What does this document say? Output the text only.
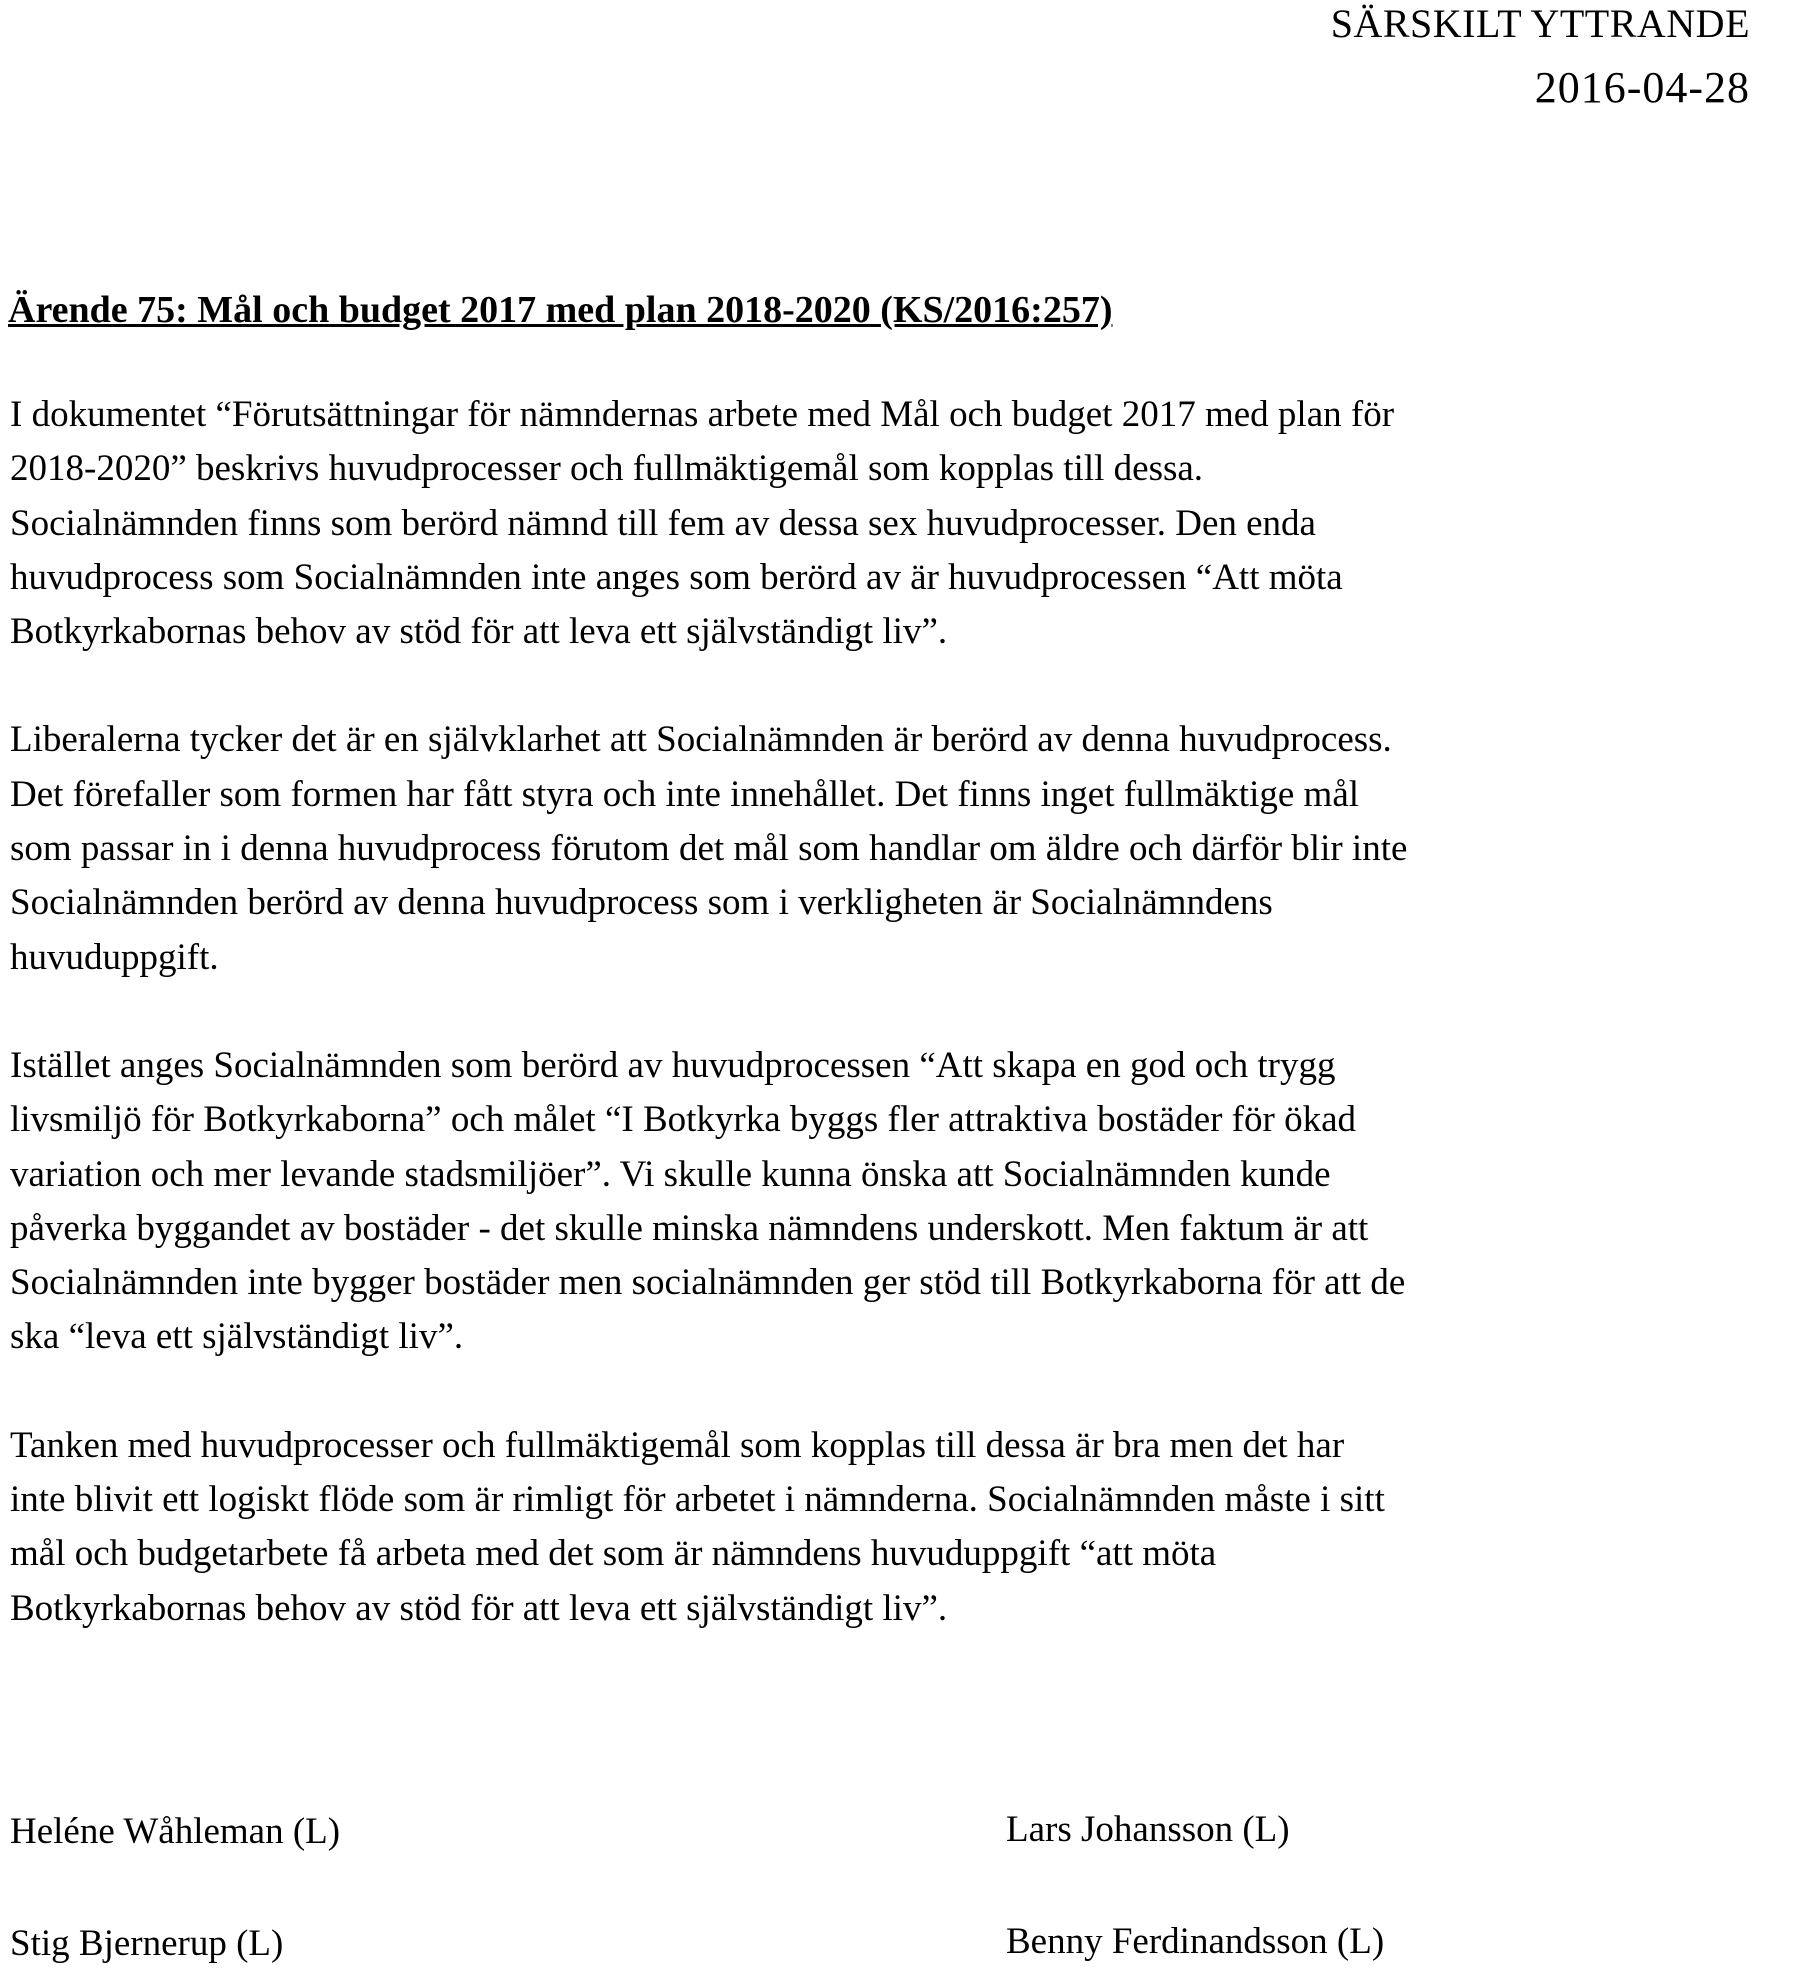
SÄRSKILT YTTRANDE
2016-04-28
Ärende 75: Mål och budget 2017 med plan 2018-2020 (KS/2016:257)

I dokumentet “Förutsättningar för nämndernas arbete med Mål och budget 2017 med plan för
2018-2020” beskrivs huvudprocesser och fullmäktigemål som kopplas till dessa.
Socialnämnden finns som berörd nämnd till fem av dessa sex huvudprocesser. Den enda
huvudprocess som Socialnämnden inte anges som berörd av är huvudprocessen “Att möta
Botkyrkabornas behov av stöd för att leva ett självständigt liv”.

Liberalerna tycker det är en självklarhet att Socialnämnden är berörd av denna huvudprocess.
Det förefaller som formen har fått styra och inte innehållet. Det finns inget fullmäktige mål
som passar in i denna huvudprocess förutom det mål som handlar om äldre och därför blir inte
Socialnämnden berörd av denna huvudprocess som i verkligheten är Socialnämndens
huvuduppgift.

Istället anges Socialnämnden som berörd av huvudprocessen “Att skapa en god och trygg
livsmiljö för Botkyrkaborna” och målet “I Botkyrka byggs fler attraktiva bostäder för ökad
variation och mer levande stadsmiljöer”. Vi skulle kunna önska att Socialnämnden kunde
påverka byggandet av bostäder - det skulle minska nämndens underskott. Men faktum är att
Socialnämnden inte bygger bostäder men socialnämnden ger stöd till Botkyrkaborna för att de
ska “leva ett självständigt liv”.

Tanken med huvudprocesser och fullmäktigemål som kopplas till dessa är bra men det har
inte blivit ett logiskt flöde som är rimligt för arbetet i nämnderna. Socialnämnden måste i sitt
mål och budgetarbete få arbeta med det som är nämndens huvuduppgift “att möta
Botkyrkabornas behov av stöd för att leva ett självständigt liv”.

Heléne Wåhleman (L)	Lars Johansson (L)
Stig Bjernerup (L)	Benny Ferdinandsson (L)
